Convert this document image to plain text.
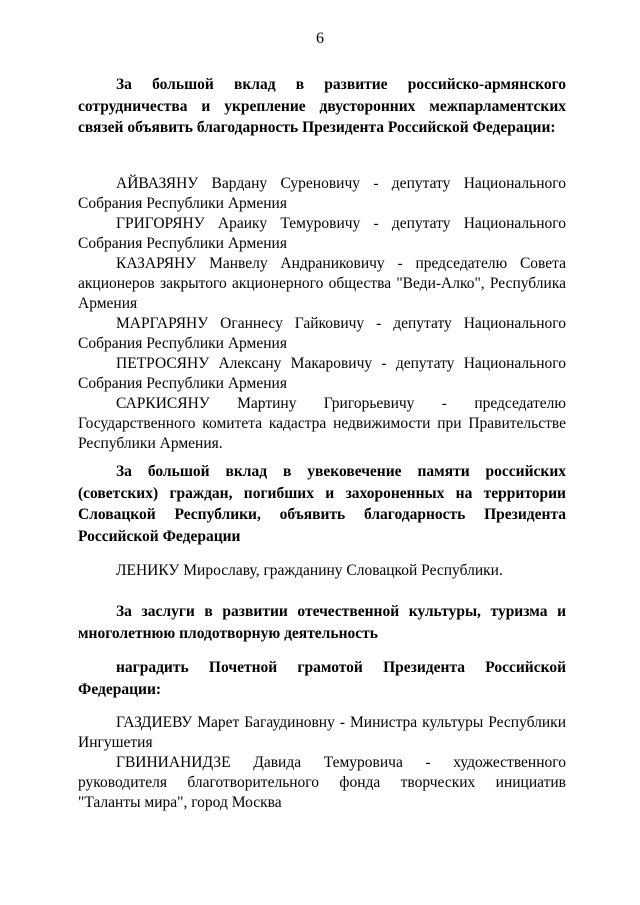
6

За большой вклад в развитие российско-армянского сотрудничества и укрепление двусторонних межпарламентских связей объявить благодарность Президента Российской Федерации:

АЙВАЗЯНУ Вардану Суреновичу - депутату Национального Собрания Республики Армения

ГРИГОРЯНУ Араику Темуровичу - депутату Национального Собрания Республики Армения

КАЗАРЯНУ Манвелу Андраниковичу - председателю Совета акционеров закрытого акционерного общества "Веди-Алко", Республика Армения

МАРГАРЯНУ Оганнесу Гайковичу - депутату Национального Собрания Республики Армения

ПЕТРОСЯНУ Алексану Макаровичу - депутату Национального Собрания Республики Армения

САРКИСЯНУ Мартину Григорьевичу - председателю Государственного комитета кадастра недвижимости при Правительстве Республики Армения.

За большой вклад в увековечение памяти российских (советских) граждан, погибших и захороненных на территории Словацкой Республики, объявить благодарность Президента Российской Федерации

ЛЕНИКУ Мирославу, гражданину Словацкой Республики.

За заслуги в развитии отечественной культуры, туризма и многолетнюю плодотворную деятельность

наградить Почетной грамотой Президента Российской Федерации:

ГАЗДИЕВУ Марет Багаудиновну - Министра культуры Республики Ингушетия

ГВИНИАНИДЗЕ Давида Темуровича - художественного руководителя благотворительного фонда творческих инициатив "Таланты мира", город Москва
